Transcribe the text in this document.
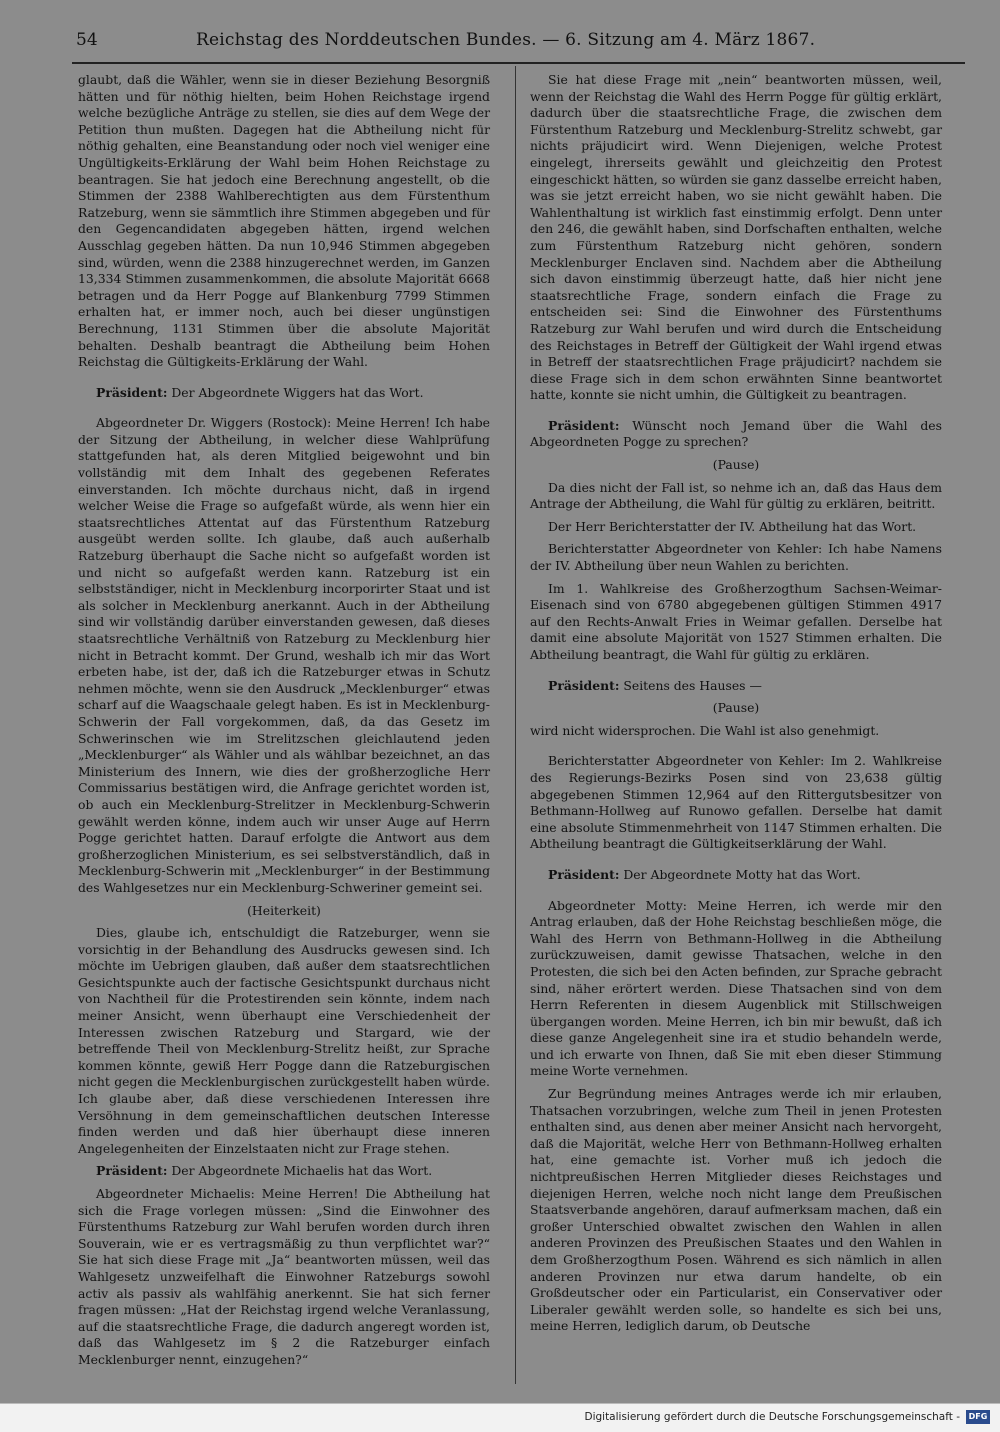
54	Reichstag des Norddeutschen Bundes. — 6. Sitzung am 4. März 1867.

glaubt, daß die Wähler, wenn sie in dieser Beziehung Besorgniß hätten und für nöthig hielten, beim Hohen Reichstage irgend welche bezügliche Anträge zu stellen, sie dies auf dem Wege der Petition thun mußten. Dagegen hat die Abtheilung nicht für nöthig gehalten, eine Beanstandung oder noch viel weniger eine Ungültigkeits-Erklärung der Wahl beim Hohen Reichstage zu beantragen. Sie hat jedoch eine Berechnung angestellt, ob die Stimmen der 2388 Wahlberechtigten aus dem Fürstenthum Ratzeburg, wenn sie sämmtlich ihre Stimmen abgegeben und für den Gegencandidaten abgegeben hätten, irgend welchen Ausschlag gegeben hätten. Da nun 10,946 Stimmen abgegeben sind, würden, wenn die 2388 hinzugerechnet werden, im Ganzen 13,334 Stimmen zusammenkommen, die absolute Majorität 6668 betragen und da Herr Pogge auf Blankenburg 7799 Stimmen erhalten hat, er immer noch, auch bei dieser ungünstigen Berechnung, 1131 Stimmen über die absolute Majorität behalten. Deshalb beantragt die Abtheilung beim Hohen Reichstag die Gültigkeits-Erklärung der Wahl.

Präsident: Der Abgeordnete Wiggers hat das Wort.

Abgeordneter Dr. Wiggers (Rostock): Meine Herren! Ich habe der Sitzung der Abtheilung, in welcher diese Wahlprüfung stattgefunden hat, als deren Mitglied beigewohnt und bin vollständig mit dem Inhalt des gegebenen Referates einverstanden. Ich möchte durchaus nicht, daß in irgend welcher Weise die Frage so aufgefaßt würde, als wenn hier ein staatsrechtliches Attentat auf das Fürstenthum Ratzeburg ausgeübt werden sollte. Ich glaube, daß auch außerhalb Ratzeburg überhaupt die Sache nicht so aufgefaßt worden ist und nicht so aufgefaßt werden kann. Ratzeburg ist ein selbstständiger, nicht in Mecklenburg incorporirter Staat und ist als solcher in Mecklenburg anerkannt. Auch in der Abtheilung sind wir vollständig darüber einverstanden gewesen, daß dieses staatsrechtliche Verhältniß von Ratzeburg zu Mecklenburg hier nicht in Betracht kommt. Der Grund, weshalb ich mir das Wort erbeten habe, ist der, daß ich die Ratzeburger etwas in Schutz nehmen möchte, wenn sie den Ausdruck „Mecklenburger“ etwas scharf auf die Waagschaale gelegt haben. Es ist in Mecklenburg-Schwerin der Fall vorgekommen, daß, da das Gesetz im Schwerinschen wie im Strelitzschen gleichlautend jeden „Mecklenburger“ als Wähler und als wählbar bezeichnet, an das Ministerium des Innern, wie dies der großherzogliche Herr Commissarius bestätigen wird, die Anfrage gerichtet worden ist, ob auch ein Mecklenburg-Strelitzer in Mecklenburg-Schwerin gewählt werden könne, indem auch wir unser Auge auf Herrn Pogge gerichtet hatten. Darauf erfolgte die Antwort aus dem großherzoglichen Ministerium, es sei selbstverständlich, daß in Mecklenburg-Schwerin mit „Mecklenburger“ in der Bestimmung des Wahlgesetzes nur ein Mecklenburg-Schweriner gemeint sei.

(Heiterkeit)

Dies, glaube ich, entschuldigt die Ratzeburger, wenn sie vorsichtig in der Behandlung des Ausdrucks gewesen sind. Ich möchte im Uebrigen glauben, daß außer dem staatsrechtlichen Gesichtspunkte auch der factische Gesichtspunkt durchaus nicht von Nachtheil für die Protestirenden sein könnte, indem nach meiner Ansicht, wenn überhaupt eine Verschiedenheit der Interessen zwischen Ratzeburg und Stargard, wie der betreffende Theil von Mecklenburg-Strelitz heißt, zur Sprache kommen könnte, gewiß Herr Pogge dann die Ratzeburgischen nicht gegen die Mecklenburgischen zurückgestellt haben würde. Ich glaube aber, daß diese verschiedenen Interessen ihre Versöhnung in dem gemeinschaftlichen deutschen Interesse finden werden und daß hier überhaupt diese inneren Angelegenheiten der Einzelstaaten nicht zur Frage stehen.

Präsident: Der Abgeordnete Michaelis hat das Wort.

Abgeordneter Michaelis: Meine Herren! Die Abtheilung hat sich die Frage vorlegen müssen: „Sind die Einwohner des Fürstenthums Ratzeburg zur Wahl berufen worden durch ihren Souverain, wie er es vertragsmäßig zu thun verpflichtet war?“ Sie hat sich diese Frage mit „Ja“ beantworten müssen, weil das Wahlgesetz unzweifelhaft die Einwohner Ratzeburgs sowohl activ als passiv als wahlfähig anerkennt. Sie hat sich ferner fragen müssen: „Hat der Reichstag irgend welche Veranlassung, auf die staatsrechtliche Frage, die dadurch angeregt worden ist, daß das Wahlgesetz im § 2 die Ratzeburger einfach Mecklenburger nennt, einzugehen?“

Sie hat diese Frage mit „nein“ beantworten müssen, weil, wenn der Reichstag die Wahl des Herrn Pogge für gültig erklärt, dadurch über die staatsrechtliche Frage, die zwischen dem Fürstenthum Ratzeburg und Mecklenburg-Strelitz schwebt, gar nichts präjudicirt wird. Wenn Diejenigen, welche Protest eingelegt, ihrerseits gewählt und gleichzeitig den Protest eingeschickt hätten, so würden sie ganz dasselbe erreicht haben, was sie jetzt erreicht haben, wo sie nicht gewählt haben. Die Wahlenthaltung ist wirklich fast einstimmig erfolgt. Denn unter den 246, die gewählt haben, sind Dorfschaften enthalten, welche zum Fürstenthum Ratzeburg nicht gehören, sondern Mecklenburger Enclaven sind. Nachdem aber die Abtheilung sich davon einstimmig überzeugt hatte, daß hier nicht jene staatsrechtliche Frage, sondern einfach die Frage zu entscheiden sei: Sind die Einwohner des Fürstenthums Ratzeburg zur Wahl berufen und wird durch die Entscheidung des Reichstages in Betreff der Gültigkeit der Wahl irgend etwas in Betreff der staatsrechtlichen Frage präjudicirt? nachdem sie diese Frage sich in dem schon erwähnten Sinne beantwortet hatte, konnte sie nicht umhin, die Gültigkeit zu beantragen.

Präsident: Wünscht noch Jemand über die Wahl des Abgeordneten Pogge zu sprechen?

(Pause)

Da dies nicht der Fall ist, so nehme ich an, daß das Haus dem Antrage der Abtheilung, die Wahl für gültig zu erklären, beitritt.

Der Herr Berichterstatter der IV. Abtheilung hat das Wort.

Berichterstatter Abgeordneter von Kehler: Ich habe Namens der IV. Abtheilung über neun Wahlen zu berichten.

Im 1. Wahlkreise des Großherzogthum Sachsen-Weimar-Eisenach sind von 6780 abgegebenen gültigen Stimmen 4917 auf den Rechts-Anwalt Fries in Weimar gefallen. Derselbe hat damit eine absolute Majorität von 1527 Stimmen erhalten. Die Abtheilung beantragt, die Wahl für gültig zu erklären.

Präsident: Seitens des Hauses —

(Pause)

wird nicht widersprochen. Die Wahl ist also genehmigt.

Berichterstatter Abgeordneter von Kehler: Im 2. Wahlkreise des Regierungs-Bezirks Posen sind von 23,638 gültig abgegebenen Stimmen 12,964 auf den Rittergutsbesitzer von Bethmann-Hollweg auf Runowo gefallen. Derselbe hat damit eine absolute Stimmenmehrheit von 1147 Stimmen erhalten. Die Abtheilung beantragt die Gültigkeitserklärung der Wahl.

Präsident: Der Abgeordnete Motty hat das Wort.

Abgeordneter Motty: Meine Herren, ich werde mir den Antrag erlauben, daß der Hohe Reichstag beschließen möge, die Wahl des Herrn von Bethmann-Hollweg in die Abtheilung zurückzuweisen, damit gewisse Thatsachen, welche in den Protesten, die sich bei den Acten befinden, zur Sprache gebracht sind, näher erörtert werden. Diese Thatsachen sind von dem Herrn Referenten in diesem Augenblick mit Stillschweigen übergangen worden. Meine Herren, ich bin mir bewußt, daß ich diese ganze Angelegenheit sine ira et studio behandeln werde, und ich erwarte von Ihnen, daß Sie mit eben dieser Stimmung meine Worte vernehmen.

Zur Begründung meines Antrages werde ich mir erlauben, Thatsachen vorzubringen, welche zum Theil in jenen Protesten enthalten sind, aus denen aber meiner Ansicht nach hervorgeht, daß die Majorität, welche Herr von Bethmann-Hollweg erhalten hat, eine gemachte ist. Vorher muß ich jedoch die nichtpreußischen Herren Mitglieder dieses Reichstages und diejenigen Herren, welche noch nicht lange dem Preußischen Staatsverbande angehören, darauf aufmerksam machen, daß ein großer Unterschied obwaltet zwischen den Wahlen in allen anderen Provinzen des Preußischen Staates und den Wahlen in dem Großherzogthum Posen. Während es sich nämlich in allen anderen Provinzen nur etwa darum handelte, ob ein Großdeutscher oder ein Particularist, ein Conservativer oder Liberaler gewählt werden solle, so handelte es sich bei uns, meine Herren, lediglich darum, ob Deutsche

Digitalisierung gefördert durch die Deutsche Forschungsgemeinschaft -	DFG
